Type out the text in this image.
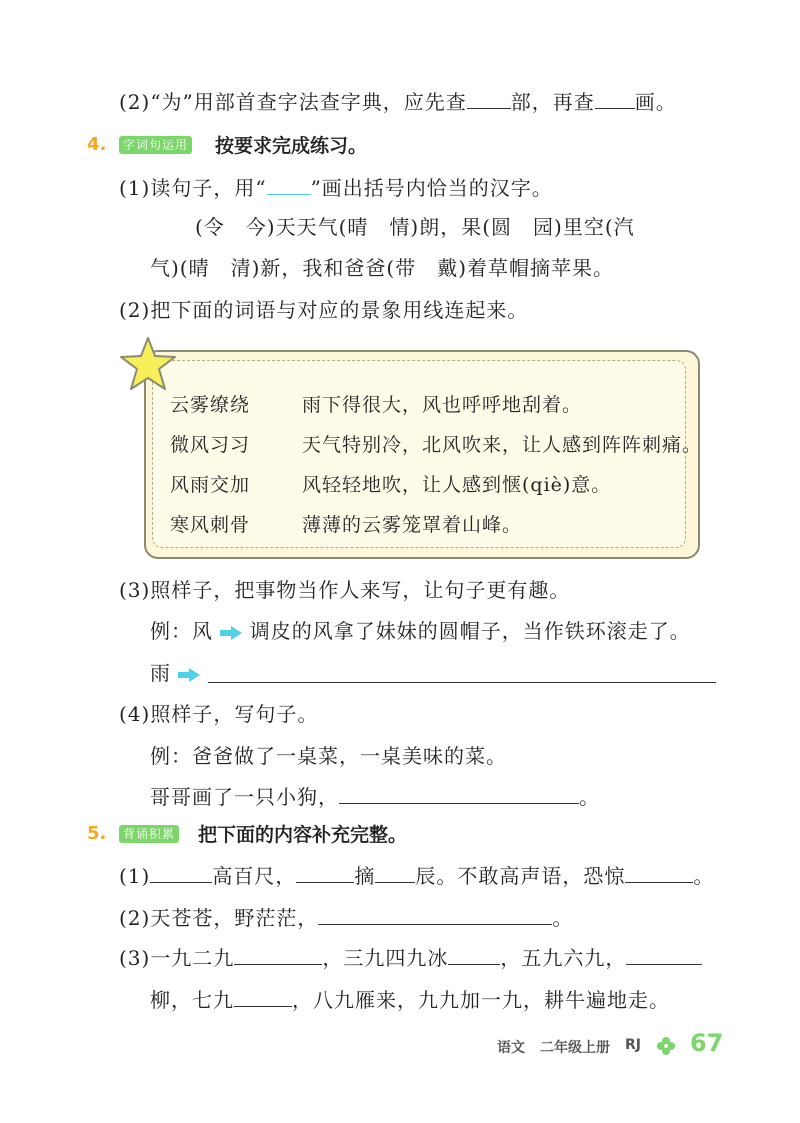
(2)“为”用部首查字法查字典，应先查 部，再查 画。
4.	字词句运用 按要求完成练习。
(1)读句子，用“ ”画出括号内恰当的汉字。
(令　今)天天气(晴　情)朗，果(圆　园)里空(汽
气)(晴　清)新，我和爸爸(带　戴)着草帽摘苹果。
(2)把下面的词语与对应的景象用线连起来。
云雾缭绕	雨下得很大，风也呼呼地刮着。
微风习习	天气特别冷，北风吹来，让人感到阵阵刺痛。
风雨交加	风轻轻地吹，让人感到惬(qiè)意。
寒风刺骨	薄薄的云雾笼罩着山峰。
(3)照样子，把事物当作人来写，让句子更有趣。
例：风 调皮的风拿了妹妹的圆帽子，当作铁环滚走了。
雨
(4)照样子，写句子。
例：爸爸做了一桌菜，一桌美味的菜。
哥哥画了一只小狗，	。
5.	背诵积累 把下面的内容补充完整。
(1)	高百尺，	摘 辰。不敢高声语，恐惊	。
(2)天苍苍，野茫茫，	。
(3)一九二九	，三九四九冰	，五九六九，
柳，七九	，八九雁来，九九加一九，耕牛遍地走。
语文 二年级上册 RJ 67
